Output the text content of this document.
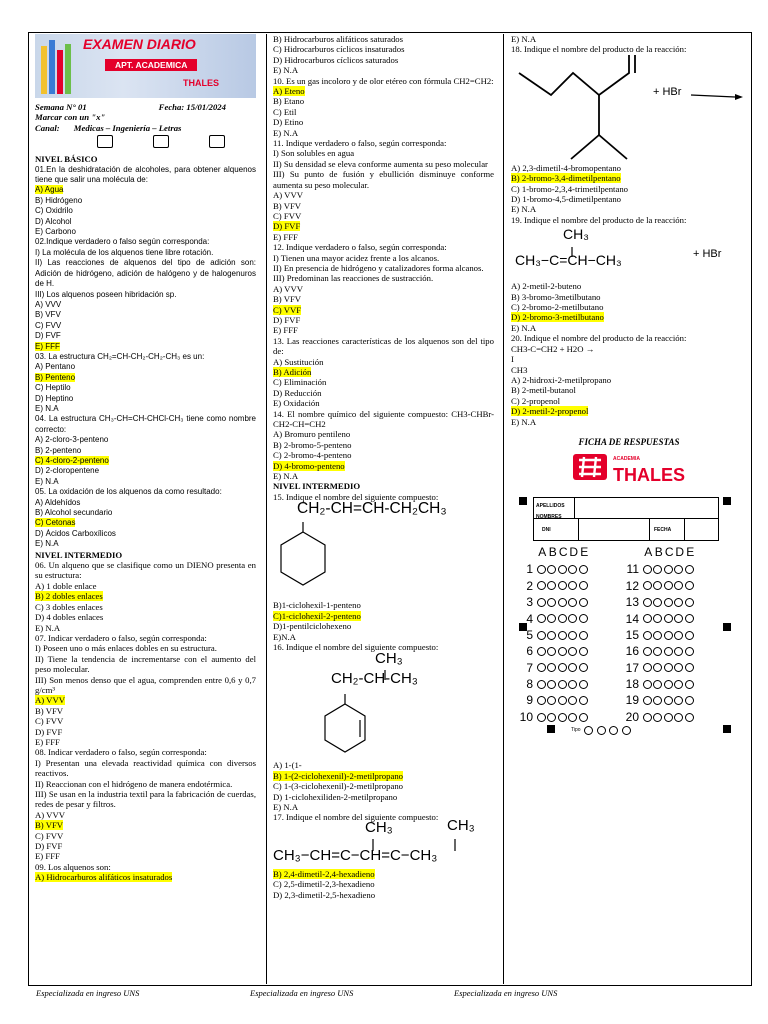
EXAMEN DIARIO
APT. ACADEMICA
THALES
Semana N° 01	Fecha: 15/01/2024
Marcar con un "x"
Canal: Medicas – Ingeniería – Letras
NIVEL BÁSICO
01.En la deshidratación de alcoholes, para obtener alquenos tiene que salir una molécula de:
A) Agua
B) Hidrógeno
C) Oxidrilo
D) Alcohol
E) Carbono
02.Indique verdadero o falso según corresponda:
I) La molécula de los alquenos tiene libre rotación.
II) Las reacciones de alquenos del tipo de adición son: Adición de hidrógeno, adición de halógeno y de halogenuros de H.
III) Los alquenos poseen hibridación sp.
A) VVV
B) VFV
C) FVV
D) FVF
E) FFF
03. La estructura CH₂=CH-CH₂-CH₂-CH₃ es un:
A) Pentano
B) Penteno
C) Heptilo
D) Heptino
E) N.A
04. La estructura CH₃-CH=CH-CHCl-CH₃ tiene como nombre correcto:
A) 2-cloro-3-penteno
B) 2-penteno
C) 4-cloro-2-penteno
D) 2-cloropentene
E) N.A
05. La oxidación de los alquenos da como resultado:
A) Aldehídos
B) Alcohol secundario
C) Cetonas
D) Ácidos Carboxílicos
E) N.A
NIVEL INTERMEDIO
06. Un alqueno que se clasifique como un DIENO presenta en su estructura:
A) 1 doble enlace
B) 2 dobles enlaces
C) 3 dobles enlaces
D) 4 dobles enlaces
E) N.A
07. Indicar verdadero o falso, según corresponda:
I) Poseen uno o más enlaces dobles en su estructura.
II) Tiene la tendencia de incrementarse con el aumento del peso molecular.
III) Son menos denso que el agua, comprenden entre 0,6 y 0,7 g/cm³
A) VVV
B) VFV
C) FVV
D) FVF
E) FFF
08. Indicar verdadero o falso, según corresponda:
I) Presentan una elevada reactividad química con diversos reactivos.
II) Reaccionan con el hidrógeno de manera endotérmica.
III) Se usan en la industria textil para la fabricación de cuerdas, redes de pesar y filtros.
A) VVV
B) VFV
C) FVV
D) FVF
E) FFF
09. Los alquenos son:
A) Hidrocarburos alifáticos insaturados
B) Hidrocarburos alifáticos saturados
C) Hidrocarburos cíclicos insaturados
D) Hidrocarburos cíclicos saturados
E) N.A
10. Es un gas incoloro y de olor etéreo con fórmula CH2=CH2:
A) Eteno
B) Etano
C) Etil
D) Etino
E) N.A
11. Indique verdadero o falso, según corresponda:
I) Son solubles en agua
II) Su densidad se eleva conforme aumenta su peso molecular
III) Su punto de fusión y ebullición disminuye conforme aumenta su peso molecular.
A) VVV
B) VFV
C) FVV
D) FVF
E) FFF
12. Indique verdadero o falso, según corresponda:
I) Tienen una mayor acidez frente a los alcanos.
II) En presencia de hidrógeno y catalizadores forma alcanos.
III) Predominan las reacciones de sustracción.
A) VVV
B) VFV
C) VVF
D) FVF
E) FFF
13. Las reacciones características de los alquenos son del tipo de:
A) Sustitución
B) Adición
C) Eliminación
D) Reducción
E) Oxidación
14. El nombre químico del siguiente compuesto: CH3-CHBr-CH2-CH=CH2
A) Bromuro pentileno
B) 2-bromo-5-penteno
C) 2-bromo-4-penteno
D) 4-bromo-penteno
E) N.A
NIVEL INTERMEDIO
15. Indique el nombre del siguiente compuesto:
CH₂-CH=CH-CH₂CH₃
B)1-ciclohexil-1-penteno
C)1-ciclohexil-2-penteno
D)1-pentilciclohexeno
E)N.A
16. Indique el nombre del siguiente compuesto:
CH₃
CH₂-CH-CH₃
A) 1-(1-
B) 1-(2-ciclohexenil)-2-metilpropano
C) 1-(3-ciclohexenil)-2-metilpropano
D) 1-ciclohexiliden-2-metilpropano
E) N.A
17. Indique el nombre del siguiente compuesto:
CH₃	CH₃
CH₃−CH=C−CH=C−CH₃
B) 2,4-dimetil-2,4-hexadieno
C) 2,5-dimetil-2,3-hexadieno
D) 2,3-dimetil-2,5-hexadieno
E) N.A
18. Indique el nombre del producto de la reacción:
+ HBr
A) 2,3-dimetil-4-bromopentano
B) 2-bromo-3,4-dimetilpentano
C) 1-bromo-2,3,4-trimetilpentano
D) 1-bromo-4,5-dimetilpentano
E) N.A
19. Indique el nombre del producto de la reacción:
CH₃
CH₃−C=CH−CH₃	+ HBr
A) 2-metil-2-buteno
B) 3-bromo-3metilbutano
C) 2-bromo-2-metilbutano
D) 2-bromo-3-metilbutano
E) N.A
20. Indique el nombre del producto de la reacción:
CH3-C=CH2 + H2O →
I
CH3
A) 2-hidroxi-2-metilpropano
B) 2-metil-butanol
C) 2-propenol
D) 2-metil-2-propenol
E) N.A
FICHA DE RESPUESTAS
ACADEMIA
THALES
APELLIDOS NOMBRES
DNI	FECHA
A B C D E
1
2
3
4
5
6
7
8
9
10
A B C D E
11
12
13
14
15
16
17
18
19
20
Tipo
Especializada en ingreso UNS	Especializada en ingreso UNS	Especializada en ingreso UNS
